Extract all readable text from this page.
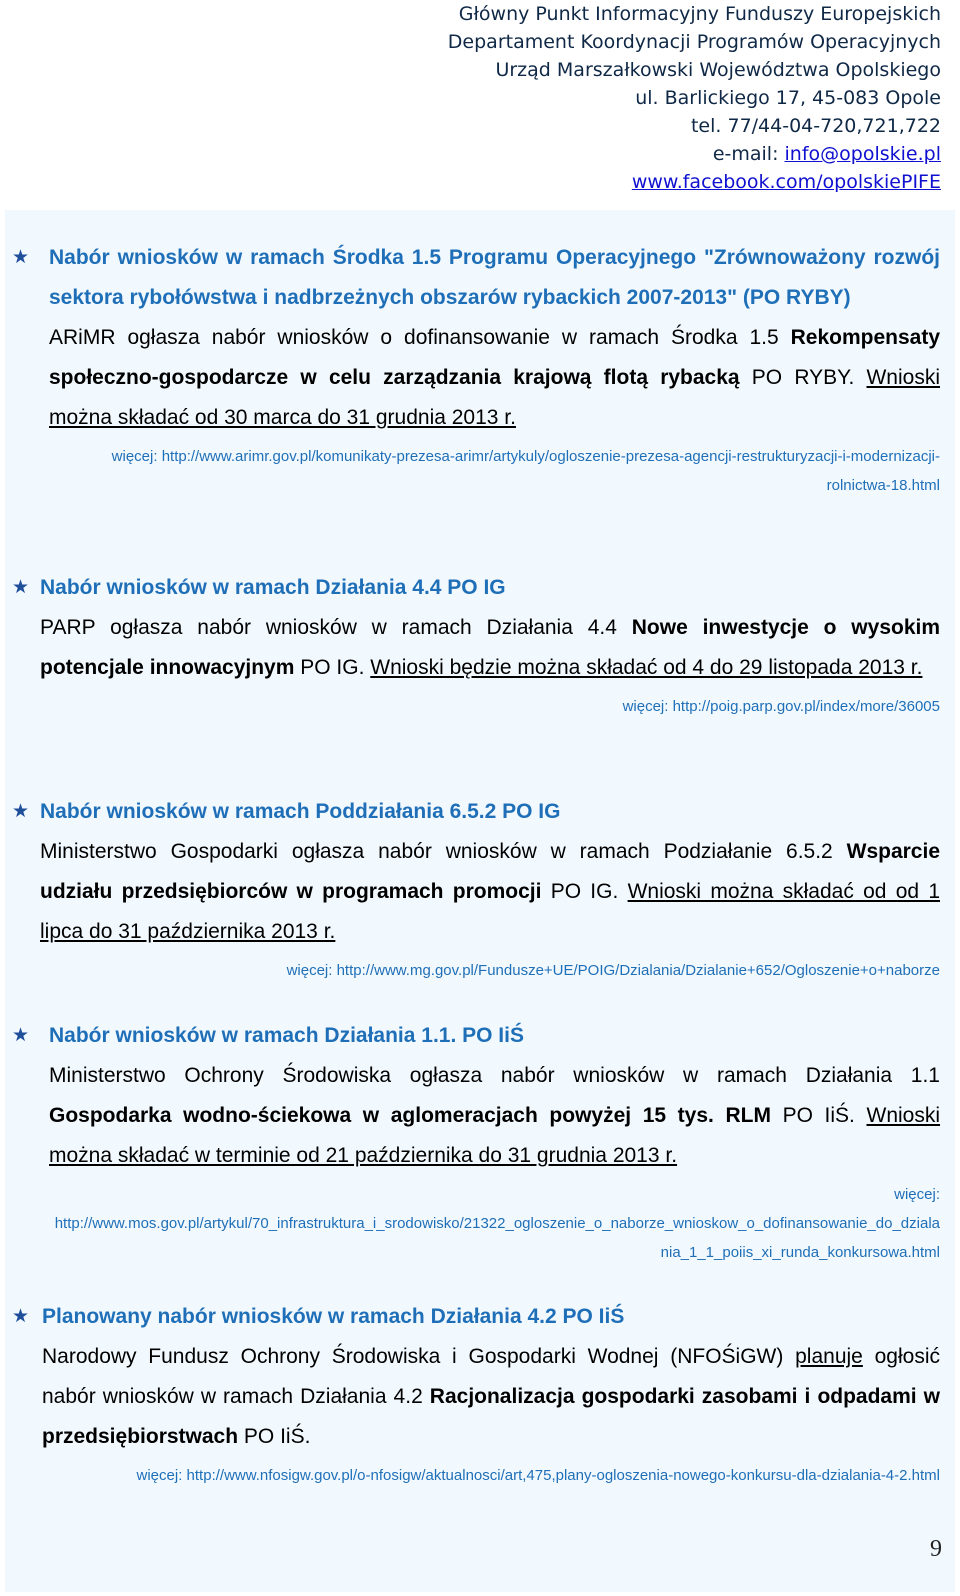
Główny Punkt Informacyjny Funduszy Europejskich
Departament Koordynacji Programów Operacyjnych
Urząd Marszałkowski Województwa Opolskiego
ul. Barlickiego 17, 45-083 Opole
tel. 77/44-04-720,721,722
e-mail: info@opolskie.pl
www.facebook.com/opolskiePIFE
★ Nabór wniosków w ramach Środka 1.5 Programu Operacyjnego "Zrównoważony rozwój sektora rybołówstwa i nadbrzeżnych obszarów rybackich 2007-2013" (PO RYBY)
ARiMR ogłasza nabór wniosków o dofinansowanie w ramach Środka 1.5 Rekompensaty społeczno-gospodarcze w celu zarządzania krajową flotą rybacką PO RYBY. Wnioski można składać od 30 marca do 31 grudnia 2013 r.
więcej: http://www.arimr.gov.pl/komunikaty-prezesa-arimr/artykuly/ogloszenie-prezesa-agencji-restrukturyzacji-i-modernizacji-rolnictwa-18.html
★ Nabór wniosków w ramach Działania 4.4 PO IG
PARP ogłasza nabór wniosków w ramach Działania 4.4 Nowe inwestycje o wysokim potencjale innowacyjnym PO IG. Wnioski będzie można składać od 4 do 29 listopada 2013 r.
więcej: http://poig.parp.gov.pl/index/more/36005
★ Nabór wniosków w ramach Poddziałania 6.5.2 PO IG
Ministerstwo Gospodarki ogłasza nabór wniosków w ramach Podziałanie 6.5.2 Wsparcie udziału przedsiębiorców w programach promocji PO IG. Wnioski można składać od od 1 lipca do 31 października 2013 r.
więcej: http://www.mg.gov.pl/Fundusze+UE/POIG/Dzialania/Dzialanie+652/Ogloszenie+o+naborze
★ Nabór wniosków w ramach Działania 1.1. PO IiŚ
Ministerstwo Ochrony Środowiska ogłasza nabór wniosków w ramach Działania 1.1 Gospodarka wodno-ściekowa w aglomeracjach powyżej 15 tys. RLM PO IiŚ. Wnioski można składać w terminie od 21 października do 31 grudnia 2013 r.
więcej:
http://www.mos.gov.pl/artykul/70_infrastruktura_i_srodowisko/21322_ogloszenie_o_naborze_wnioskow_o_dofinansowanie_do_dzialania_1_1_poiis_xi_runda_konkursowa.html
★ Planowany nabór wniosków w ramach Działania 4.2 PO IiŚ
Narodowy Fundusz Ochrony Środowiska i Gospodarki Wodnej (NFOŚiGW) planuje ogłosić nabór wniosków w ramach Działania 4.2 Racjonalizacja gospodarki zasobami i odpadami w przedsiębiorstwach PO IiŚ.
więcej: http://www.nfosigw.gov.pl/o-nfosigw/aktualnosci/art,475,plany-ogloszenia-nowego-konkursu-dla-dzialania-4-2.html
9
